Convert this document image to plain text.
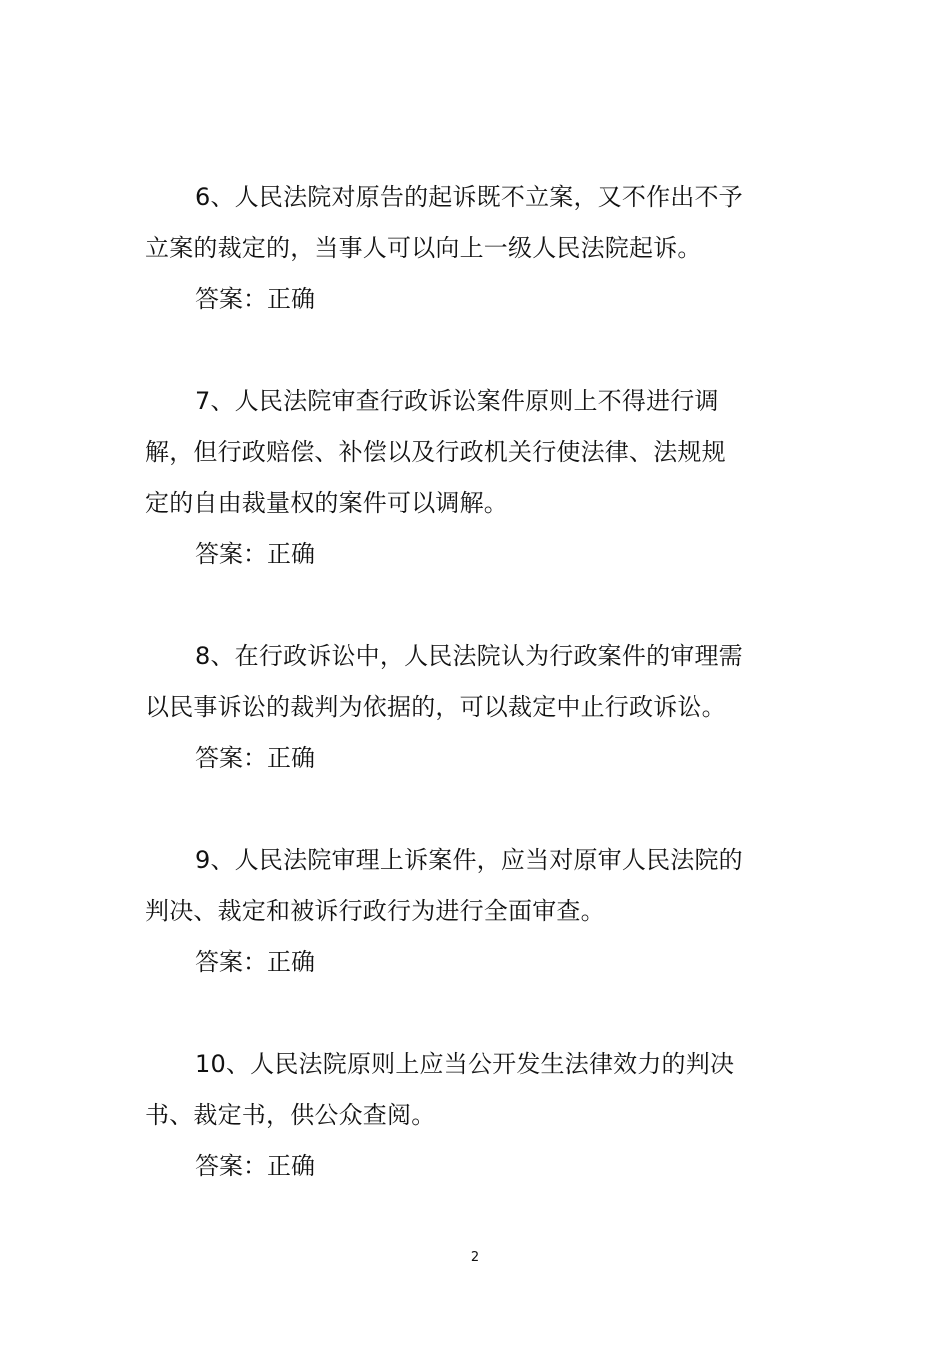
6、人民法院对原告的起诉既不立案，又不作出不予立案的裁定的，当事人可以向上一级人民法院起诉。

答案：正确

7、人民法院审查行政诉讼案件原则上不得进行调解，但行政赔偿、补偿以及行政机关行使法律、法规规定的自由裁量权的案件可以调解。

答案：正确

8、在行政诉讼中，人民法院认为行政案件的审理需以民事诉讼的裁判为依据的，可以裁定中止行政诉讼。

答案：正确

9、人民法院审理上诉案件，应当对原审人民法院的判决、裁定和被诉行政行为进行全面审查。

答案：正确

10、人民法院原则上应当公开发生法律效力的判决书、裁定书，供公众查阅。

答案：正确

2
